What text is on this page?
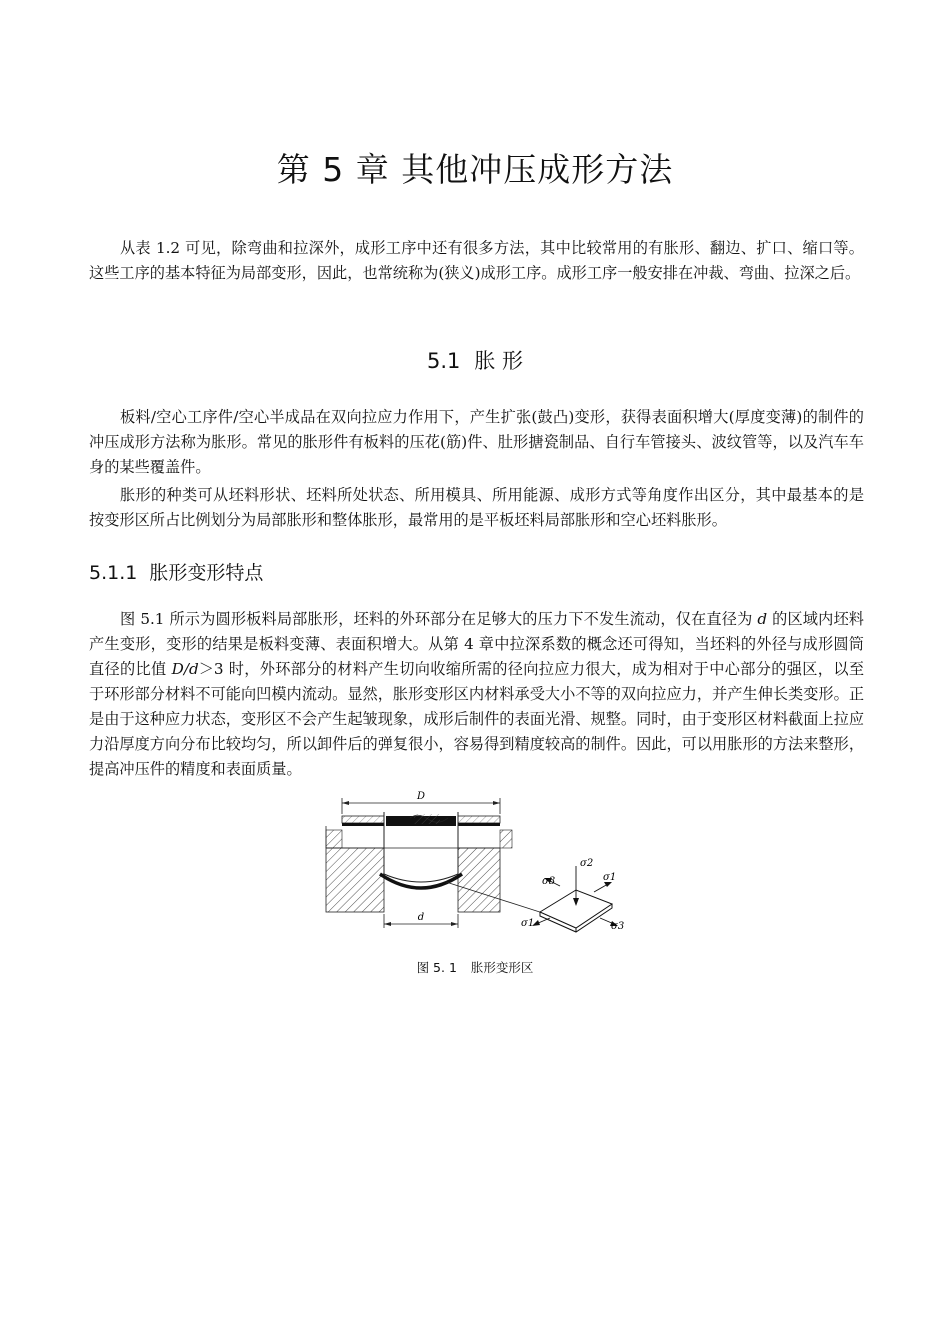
第 5 章 其他冲压成形方法

从表 1.2 可见，除弯曲和拉深外，成形工序中还有很多方法，其中比较常用的有胀形、翻边、扩口、缩口等。这些工序的基本特征为局部变形，因此，也常统称为(狭义)成形工序。成形工序一般安排在冲裁、弯曲、拉深之后。

5.1 胀 形

板料/空心工序件/空心半成品在双向拉应力作用下，产生扩张(鼓凸)变形，获得表面积增大(厚度变薄)的制件的冲压成形方法称为胀形。常见的胀形件有板料的压花(筋)件、肚形搪瓷制品、自行车管接头、波纹管等，以及汽车车身的某些覆盖件。

胀形的种类可从坯料形状、坯料所处状态、所用模具、所用能源、成形方式等角度作出区分，其中最基本的是按变形区所占比例划分为局部胀形和整体胀形，最常用的是平板坯料局部胀形和空心坯料胀形。

5.1.1 胀形变形特点

图 5.1 所示为圆形板料局部胀形，坯料的外环部分在足够大的压力下不发生流动，仅在直径为 d 的区域内坯料产生变形，变形的结果是板料变薄、表面积增大。从第 4 章中拉深系数的概念还可得知，当坯料的外径与成形圆筒直径的比值 D/d＞3 时，外环部分的材料产生切向收缩所需的径向拉应力很大，成为相对于中心部分的强区，以至于环形部分材料不可能向凹模内流动。显然，胀形变形区内材料承受大小不等的双向拉应力，并产生伸长类变形。正是由于这种应力状态，变形区不会产生起皱现象，成形后制件的表面光滑、规整。同时，由于变形区材料截面上拉应力沿厚度方向分布比较均匀，所以卸件后的弹复很小，容易得到精度较高的制件。因此，可以用胀形的方法来整形，提高冲压件的精度和表面质量。

D
d
σ2
σ3	σ1
σ1	σ3

图 5. 1 胀形变形区
